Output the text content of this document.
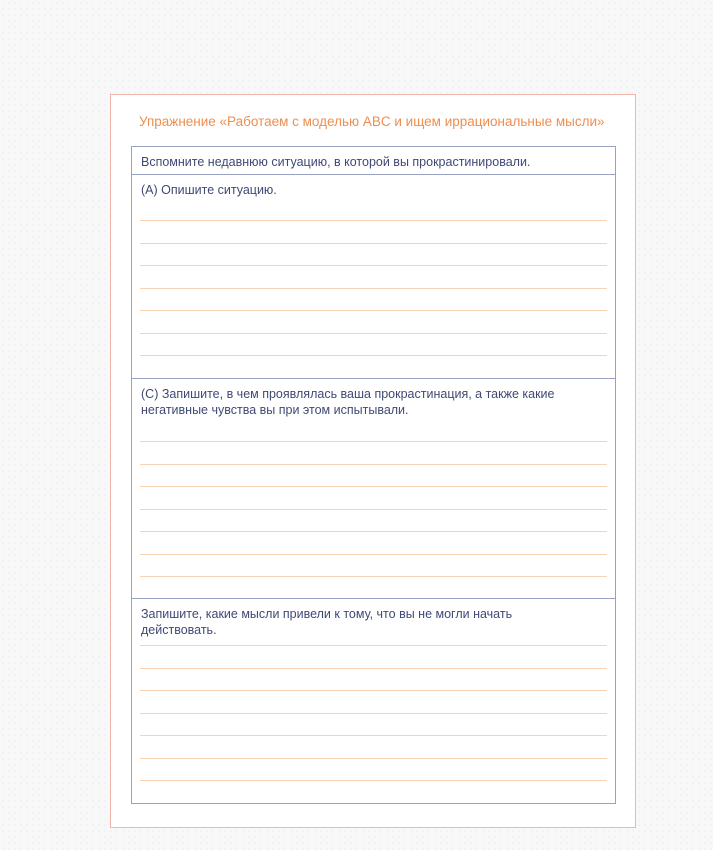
Упражнение «Работаем с моделью ABC и ищем иррациональные мысли»
Вспомните недавнюю ситуацию, в которой вы прокрастинировали.
(A) Опишите ситуацию.
(C) Запишите, в чем проявлялась ваша прокрастинация, а также какие негативные чувства вы при этом испытывали.
Запишите, какие мысли привели к тому, что вы не могли начать действовать.
